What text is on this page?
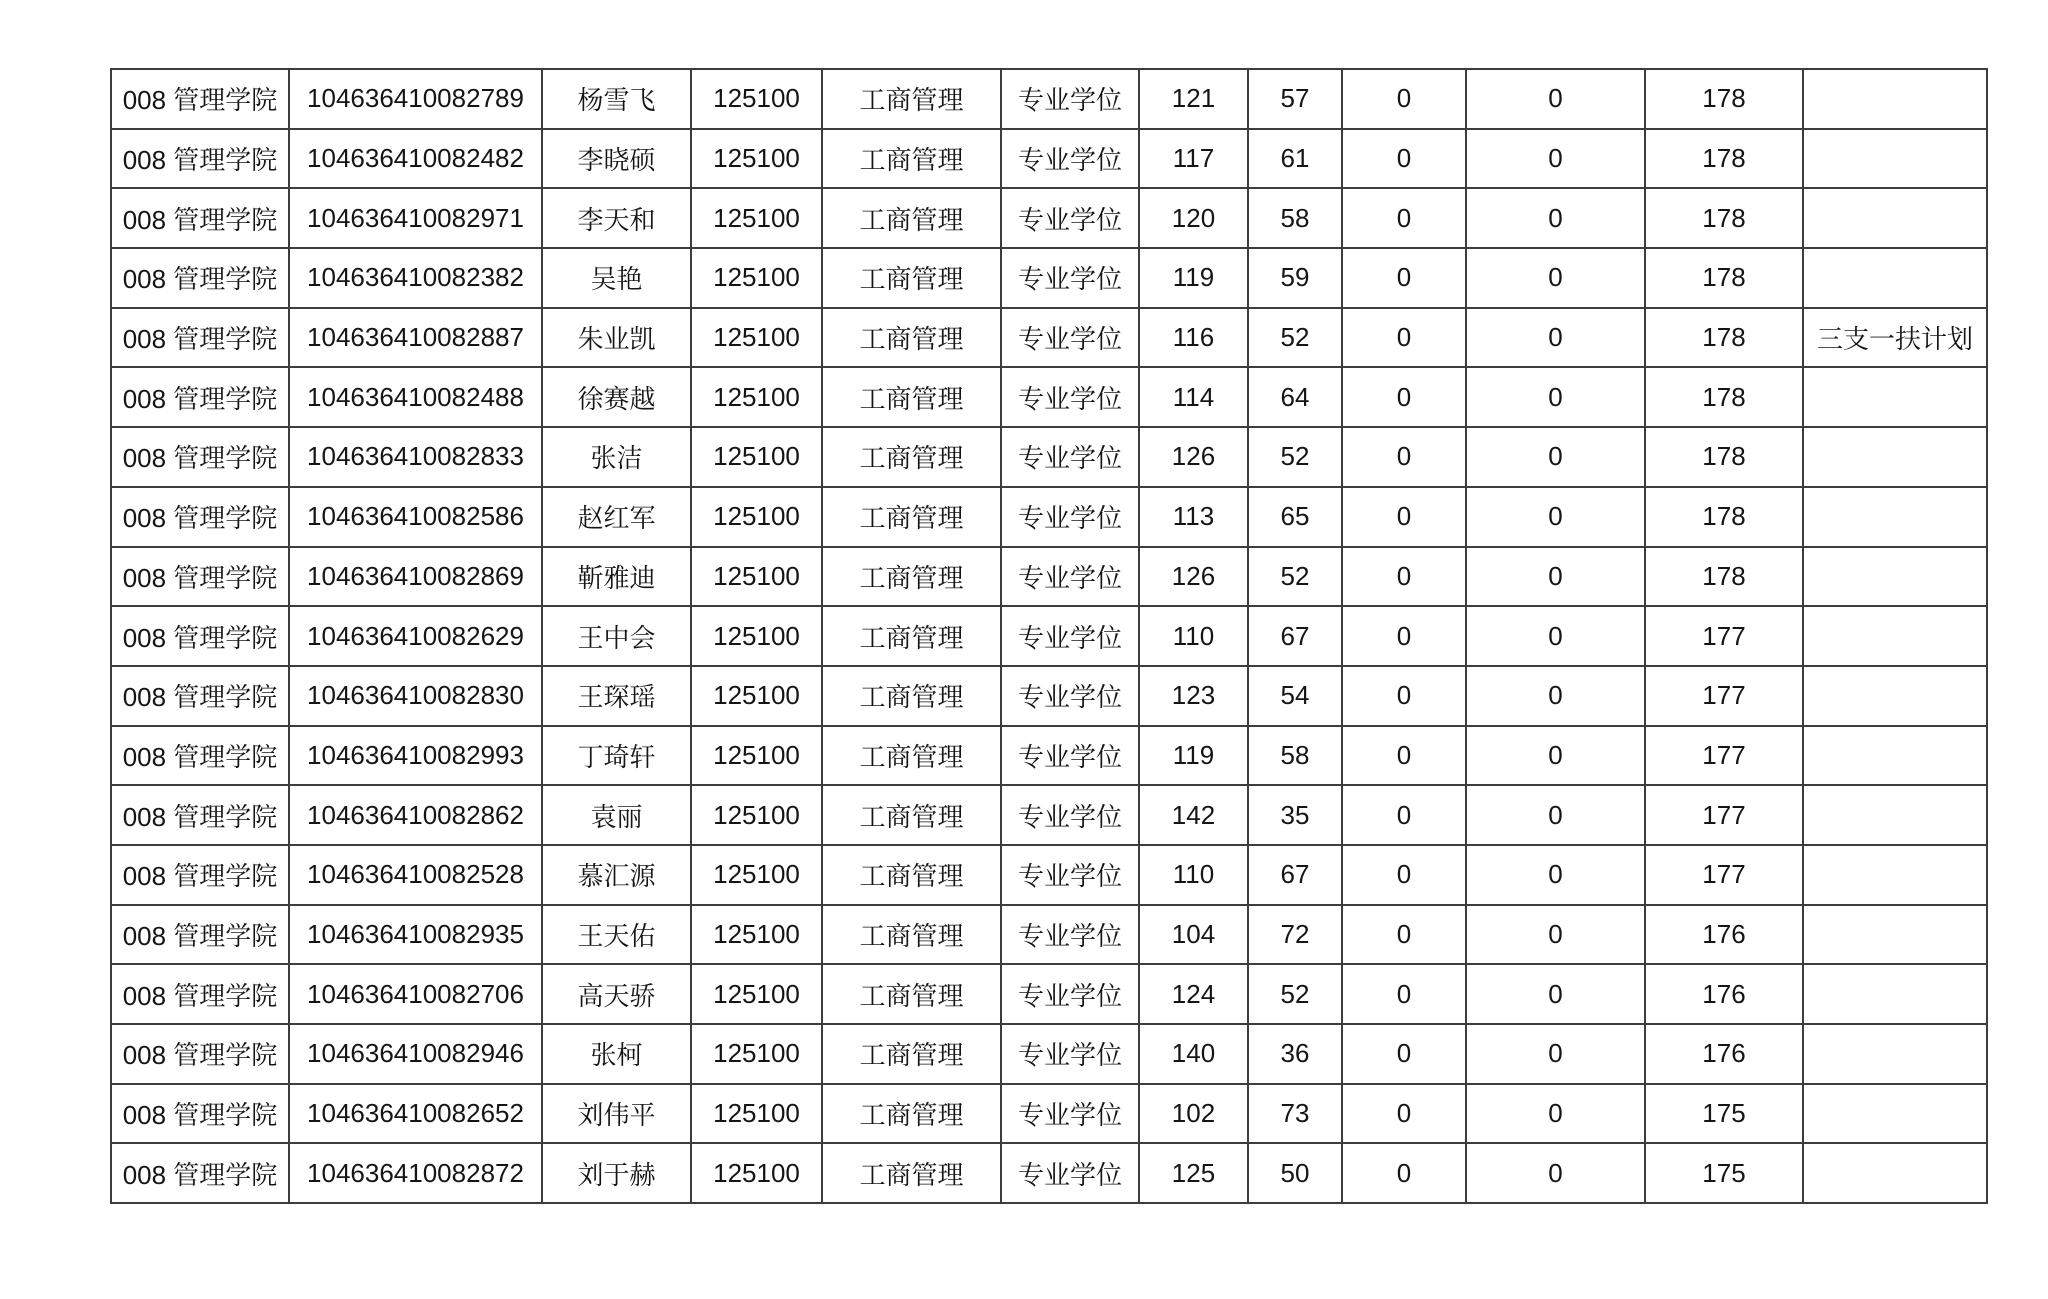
008 管理学院	104636410082789	杨雪飞	125100	工商管理	专业学位	121	57	0	0	178	
008 管理学院	104636410082482	李晓硕	125100	工商管理	专业学位	117	61	0	0	178	
008 管理学院	104636410082971	李天和	125100	工商管理	专业学位	120	58	0	0	178	
008 管理学院	104636410082382	吴艳	125100	工商管理	专业学位	119	59	0	0	178	
008 管理学院	104636410082887	朱业凯	125100	工商管理	专业学位	116	52	0	0	178	三支一扶计划
008 管理学院	104636410082488	徐赛越	125100	工商管理	专业学位	114	64	0	0	178	
008 管理学院	104636410082833	张洁	125100	工商管理	专业学位	126	52	0	0	178	
008 管理学院	104636410082586	赵红军	125100	工商管理	专业学位	113	65	0	0	178	
008 管理学院	104636410082869	靳雅迪	125100	工商管理	专业学位	126	52	0	0	178	
008 管理学院	104636410082629	王中会	125100	工商管理	专业学位	110	67	0	0	177	
008 管理学院	104636410082830	王琛瑶	125100	工商管理	专业学位	123	54	0	0	177	
008 管理学院	104636410082993	丁琦轩	125100	工商管理	专业学位	119	58	0	0	177	
008 管理学院	104636410082862	袁丽	125100	工商管理	专业学位	142	35	0	0	177	
008 管理学院	104636410082528	慕汇源	125100	工商管理	专业学位	110	67	0	0	177	
008 管理学院	104636410082935	王天佑	125100	工商管理	专业学位	104	72	0	0	176	
008 管理学院	104636410082706	高天骄	125100	工商管理	专业学位	124	52	0	0	176	
008 管理学院	104636410082946	张柯	125100	工商管理	专业学位	140	36	0	0	176	
008 管理学院	104636410082652	刘伟平	125100	工商管理	专业学位	102	73	0	0	175	
008 管理学院	104636410082872	刘于赫	125100	工商管理	专业学位	125	50	0	0	175	
